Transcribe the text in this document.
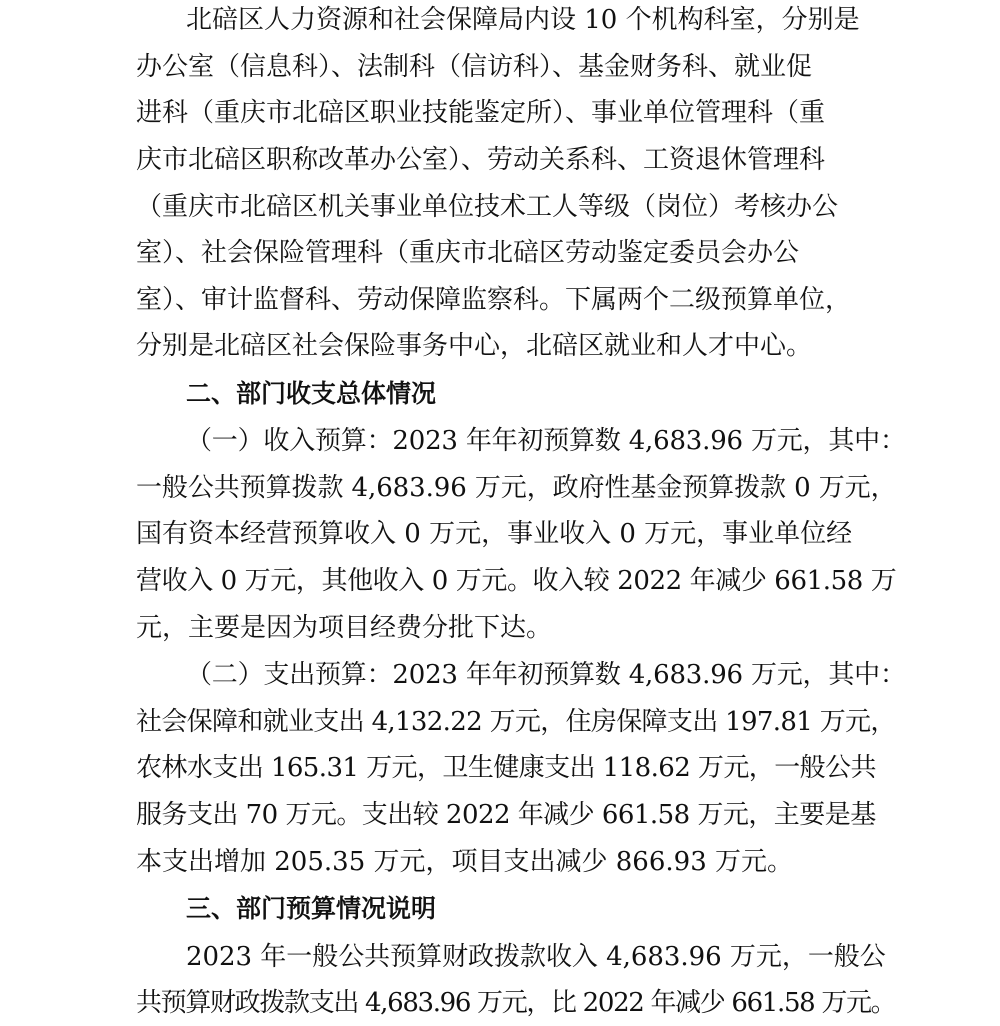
北碚区人力资源和社会保障局内设 10 个机构科室，分别是
办公室（信息科）、法制科（信访科）、基金财务科、就业促
进科（重庆市北碚区职业技能鉴定所）、事业单位管理科（重
庆市北碚区职称改革办公室）、劳动关系科、工资退休管理科
（重庆市北碚区机关事业单位技术工人等级（岗位）考核办公
室）、社会保险管理科（重庆市北碚区劳动鉴定委员会办公
室）、审计监督科、劳动保障监察科。下属两个二级预算单位，
分别是北碚区社会保险事务中心，北碚区就业和人才中心。
二、部门收支总体情况
（一）收入预算：2023 年年初预算数 4,683.96 万元，其中：
一般公共预算拨款 4,683.96 万元，政府性基金预算拨款 0 万元，
国有资本经营预算收入 0 万元，事业收入 0 万元，事业单位经
营收入 0 万元，其他收入 0 万元。收入较 2022 年减少 661.58 万
元，主要是因为项目经费分批下达。
（二）支出预算：2023 年年初预算数 4,683.96 万元，其中：
社会保障和就业支出 4,132.22 万元，住房保障支出 197.81 万元，
农林水支出 165.31 万元，卫生健康支出 118.62 万元，一般公共
服务支出 70 万元。支出较 2022 年减少 661.58 万元，主要是基
本支出增加 205.35 万元，项目支出减少 866.93 万元。
三、部门预算情况说明
2023 年一般公共预算财政拨款收入 4,683.96 万元，一般公
共预算财政拨款支出 4,683.96 万元，比 2022 年减少 661.58 万元。
